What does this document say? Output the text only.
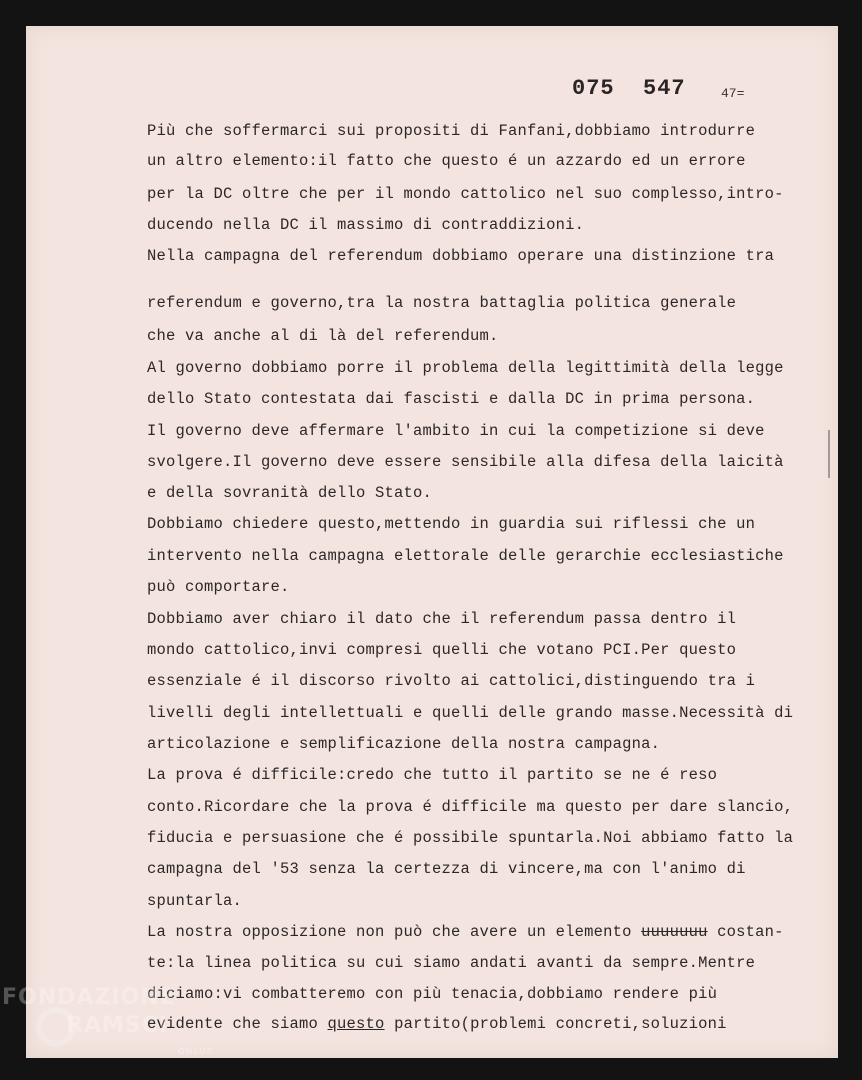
075  547	47=
Più che soffermarci sui propositi di Fanfani,dobbiamo introdurre
un altro elemento:il fatto che questo é un azzardo ed un errore
per la DC oltre che per il mondo cattolico nel suo complesso,intro-
ducendo nella DC il massimo di contraddizioni.
Nella campagna del referendum dobbiamo operare una distinzione tra
referendum e governo,tra la nostra battaglia politica generale
che va anche al di là del referendum.
Al governo dobbiamo porre il problema della legittimità della legge
dello Stato contestata dai fascisti e dalla DC in prima persona.
Il governo deve affermare l'ambito in cui la competizione si deve
svolgere.Il governo deve essere sensibile alla difesa della laicità
e della sovranità dello Stato.
Dobbiamo chiedere questo,mettendo in guardia sui riflessi che un
intervento nella campagna elettorale delle gerarchie ecclesiastiche
può comportare.
Dobbiamo aver chiaro il dato che il referendum passa dentro il
mondo cattolico,invi compresi quelli che votano PCI.Per questo
essenziale é il discorso rivolto ai cattolici,distinguendo tra i
livelli degli intellettuali e quelli delle grando masse.Necessità di
articolazione e semplificazione della nostra campagna.
La prova é difficile:credo che tutto il partito se ne é reso
conto.Ricordare che la prova é difficile ma questo per dare slancio,
fiducia e persuasione che é possibile spuntarla.Noi abbiamo fatto la
campagna del '53 senza la certezza di vincere,ma con l'animo di
spuntarla.
La nostra opposizione non può che avere un elemento uuuuuuu costan-
te:la linea politica su cui siamo andati avanti da sempre.Mentre
diciamo:vi combatteremo con più tenacia,dobbiamo rendere più
evidente che siamo questo partito(problemi concreti,soluzioni
FONDAZIONE
RAMSCI
ONLUS
